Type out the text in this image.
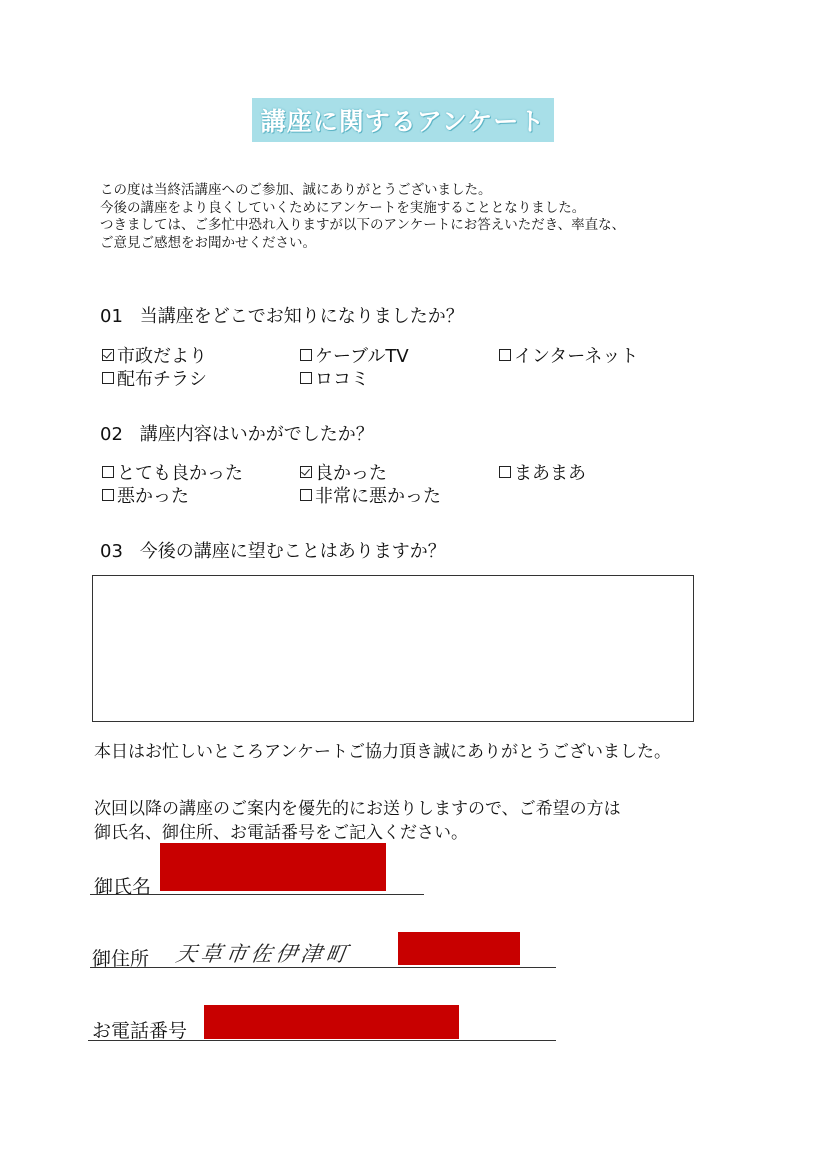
講座に関するアンケート
この度は当終活講座へのご参加、誠にありがとうございました。
今後の講座をより良くしていくためにアンケートを実施することとなりました。
つきましては、ご多忙中恐れ入りますが以下のアンケートにお答えいただき、率直な、
ご意見ご感想をお聞かせください。
01 当講座をどこでお知りになりましたか？
市政だより	ケーブルTV	インターネット
配布チラシ	ロコミ
02 講座内容はいかがでしたか？
とても良かった	良かった	まあまあ
悪かった	非常に悪かった
03 今後の講座に望むことはありますか？
本日はお忙しいところアンケートご協力頂き誠にありがとうございました。
次回以降の講座のご案内を優先的にお送りしますので、ご希望の方は
御氏名、御住所、お電話番号をご記入ください。
御氏名
御住所 天草市佐伊津町
お電話番号
